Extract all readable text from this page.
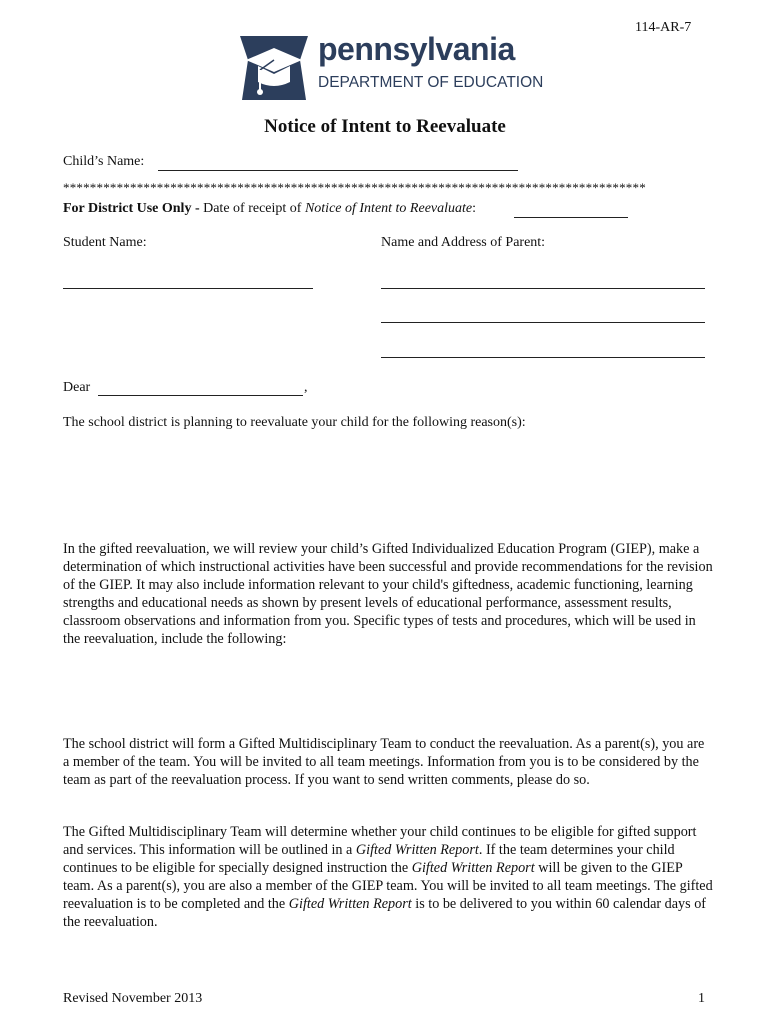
114-AR-7
pennsylvania
DEPARTMENT OF EDUCATION
Notice of Intent to Reevaluate
Child’s Name:
***************************************************************************************
For District Use Only - Date of receipt of Notice of Intent to Reevaluate:
Student Name:	Name and Address of Parent:
Dear	,
The school district is planning to reevaluate your child for the following reason(s):

In the gifted reevaluation, we will review your child’s Gifted Individualized Education Program (GIEP), make a determination of which instructional activities have been successful and provide recommendations for the revision of the GIEP. It may also include information relevant to your child's giftedness, academic functioning, learning strengths and educational needs as shown by present levels of educational performance, assessment results, classroom observations and information from you. Specific types of tests and procedures, which will be used in the reevaluation, include the following:

The school district will form a Gifted Multidisciplinary Team to conduct the reevaluation. As a parent(s), you are a member of the team. You will be invited to all team meetings. Information from you is to be considered by the team as part of the reevaluation process. If you want to send written comments, please do so.

The Gifted Multidisciplinary Team will determine whether your child continues to be eligible for gifted support and services. This information will be outlined in a Gifted Written Report. If the team determines your child continues to be eligible for specially designed instruction the Gifted Written Report will be given to the GIEP team. As a parent(s), you are also a member of the GIEP team. You will be invited to all team meetings. The gifted reevaluation is to be completed and the Gifted Written Report is to be delivered to you within 60 calendar days of the reevaluation.

Revised November 2013	1
